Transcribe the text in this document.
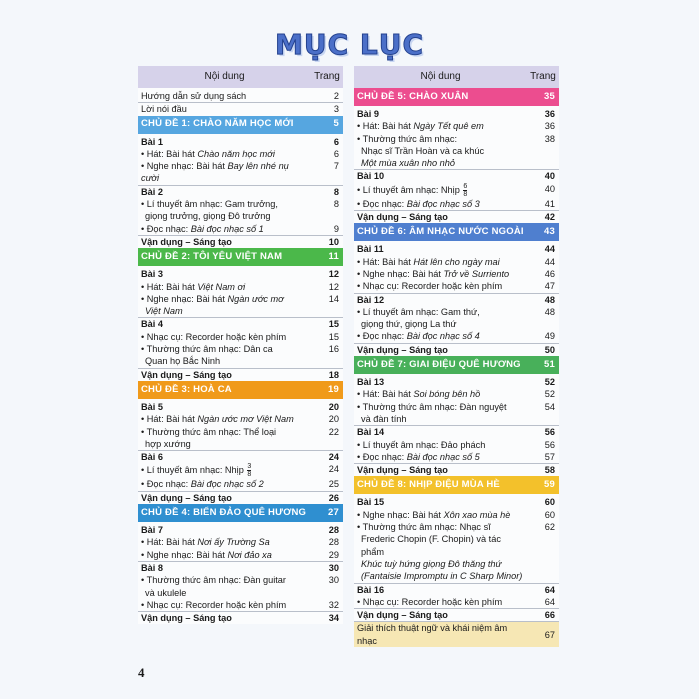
MỤC LỤC
Nội dung	Trang
Hướng dẫn sử dụng sách	2
Lời nói đầu	3
CHỦ ĐỀ 1: CHÀO NĂM HỌC MỚI	5
Bài 1	6
• Hát: Bài hát Chào năm học mới	6
• Nghe nhạc: Bài hát Bay lên nhé nụ cười	7
Bài 2	8
• Lí thuyết âm nhạc: Gam trưởng,	8
giọng trưởng, giọng Đô trưởng	
• Đọc nhạc: Bài đọc nhạc số 1	9
Vận dụng – Sáng tạo	10
CHỦ ĐỀ 2: TÔI YÊU VIỆT NAM	11
Bài 3	12
• Hát: Bài hát Việt Nam ơi	12
• Nghe nhạc: Bài hát Ngàn ước mơ	14
Việt Nam	
Bài 4	15
• Nhạc cụ: Recorder hoặc kèn phím	15
• Thường thức âm nhạc: Dân ca	16
Quan họ Bắc Ninh	
Vận dụng – Sáng tạo	18
CHỦ ĐỀ 3: HOÀ CA	19
Bài 5	20
• Hát: Bài hát Ngàn ước mơ Việt Nam	20
• Thường thức âm nhạc: Thể loại	22
hợp xướng	
Bài 6	24
• Lí thuyết âm nhạc: Nhịp $\frac{3}{8}$	24
• Đọc nhạc: Bài đọc nhạc số 2	25
Vận dụng – Sáng tạo	26
CHỦ ĐỀ 4: BIỂN ĐẢO QUÊ HƯƠNG	27
Bài 7	28
• Hát: Bài hát Nơi ấy Trường Sa	28
• Nghe nhạc: Bài hát Nơi đảo xa	29
Bài 8	30
• Thường thức âm nhạc: Đàn guitar	30
và ukulele	
• Nhạc cụ: Recorder hoặc kèn phím	32
Vận dụng – Sáng tạo	34
Nội dung	Trang
CHỦ ĐỀ 5: CHÀO XUÂN	35
Bài 9	36
• Hát: Bài hát Ngày Tết quê em	36
• Thường thức âm nhạc:	38
Nhạc sĩ Trần Hoàn và ca khúc	
Một mùa xuân nho nhỏ	
Bài 10	40
• Lí thuyết âm nhạc: Nhịp $\frac{6}{8}$	40
• Đọc nhạc: Bài đọc nhạc số 3	41
Vận dụng – Sáng tạo	42
CHỦ ĐỀ 6: ÂM NHẠC NƯỚC NGOÀI	43
Bài 11	44
• Hát: Bài hát Hát lên cho ngày mai	44
• Nghe nhạc: Bài hát Trở về Surriento	46
• Nhạc cụ: Recorder hoặc kèn phím	47
Bài 12	48
• Lí thuyết âm nhạc: Gam thứ,	48
giọng thứ, giọng La thứ	
• Đọc nhạc: Bài đọc nhạc số 4	49
Vận dụng – Sáng tạo	50
CHỦ ĐỀ 7: GIAI ĐIỆU QUÊ HƯƠNG	51
Bài 13	52
• Hát: Bài hát Soi bóng bên hồ	52
• Thường thức âm nhạc: Đàn nguyệt	54
và đàn tính	
Bài 14	56
• Lí thuyết âm nhạc: Đảo phách	56
• Đọc nhạc: Bài đọc nhạc số 5	57
Vận dụng – Sáng tạo	58
CHỦ ĐỀ 8: NHỊP ĐIỆU MÙA HÈ	59
Bài 15	60
• Nghe nhạc: Bài hát Xôn xao mùa hè	60
• Thường thức âm nhạc: Nhạc sĩ	62
Frederic Chopin (F. Chopin) và tác phẩm	
Khúc tuỳ hứng giọng Đô thăng thứ	
(Fantaisie Impromptu in C Sharp Minor)	
Bài 16	64
• Nhạc cụ: Recorder hoặc kèn phím	64
Vận dụng – Sáng tạo	66
Giải thích thuật ngữ và khái niệm âm nhạc	67
4
